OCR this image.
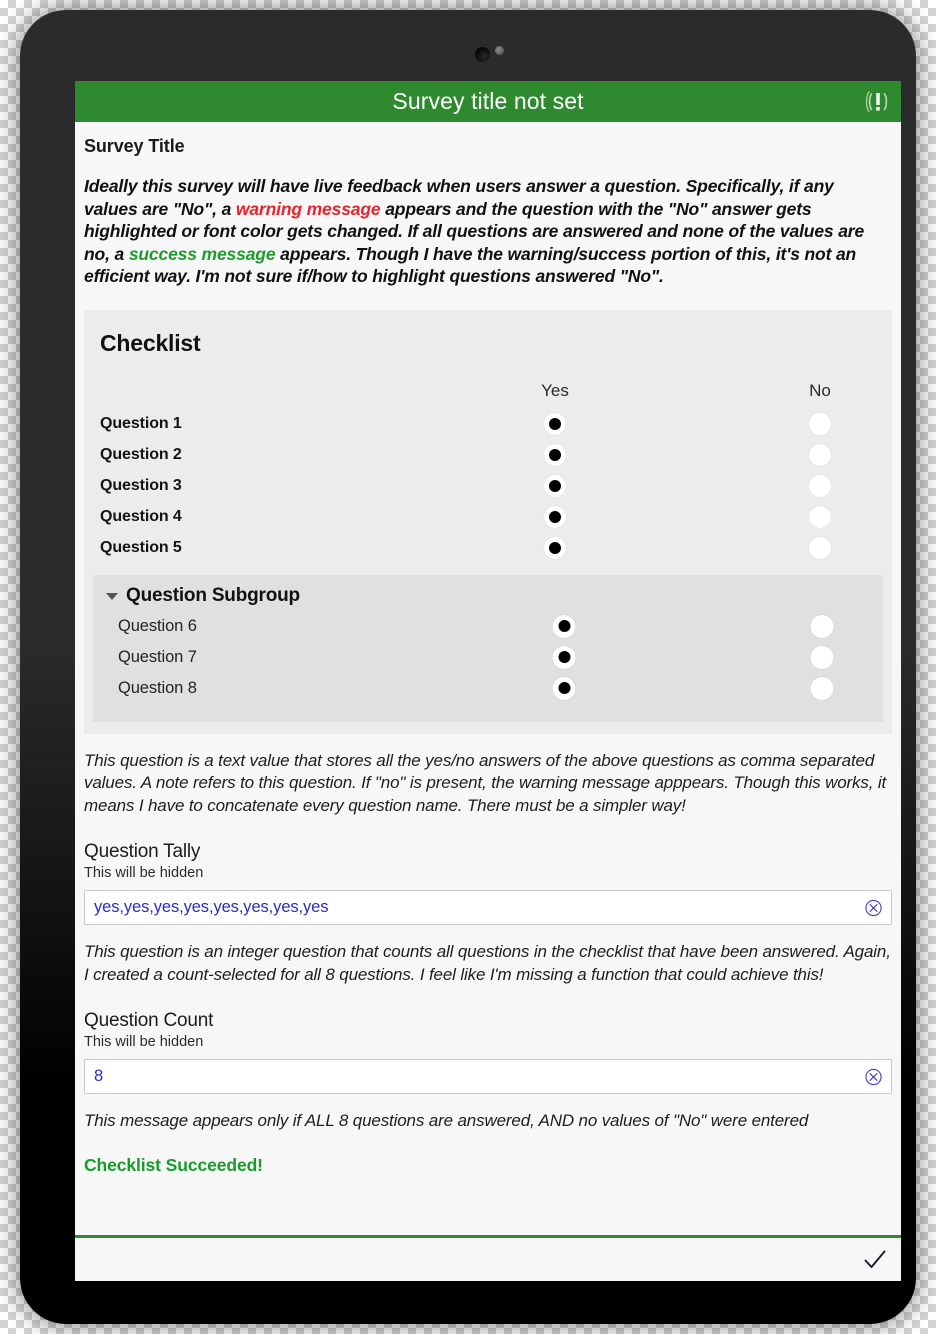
Survey title not set
Survey Title
Ideally this survey will have live feedback when users answer a question. Specifically, if any values are "No", a warning message appears and the question with the "No" answer gets highlighted or font color gets changed. If all questions are answered and none of the values are no, a success message appears. Though I have the warning/success portion of this, it's not an efficient way. I'm not sure if/how to highlight questions answered "No".
Checklist
Yes	No
Question 1
Question 2
Question 3
Question 4
Question 5
Question Subgroup
Question 6
Question 7
Question 8
This question is a text value that stores all the yes/no answers of the above questions as comma separated values. A note refers to this question. If "no" is present, the warning message apppears. Though this works, it means I have to concatenate every question name. There must be a simpler way!
Question Tally
This will be hidden
yes,yes,yes,yes,yes,yes,yes,yes
This question is an integer question that counts all questions in the checklist that have been answered. Again, I created a count-selected for all 8 questions. I feel like I'm missing a function that could achieve this!
Question Count
This will be hidden
8
This message appears only if ALL 8 questions are answered, AND no values of "No" were entered
Checklist Succeeded!
